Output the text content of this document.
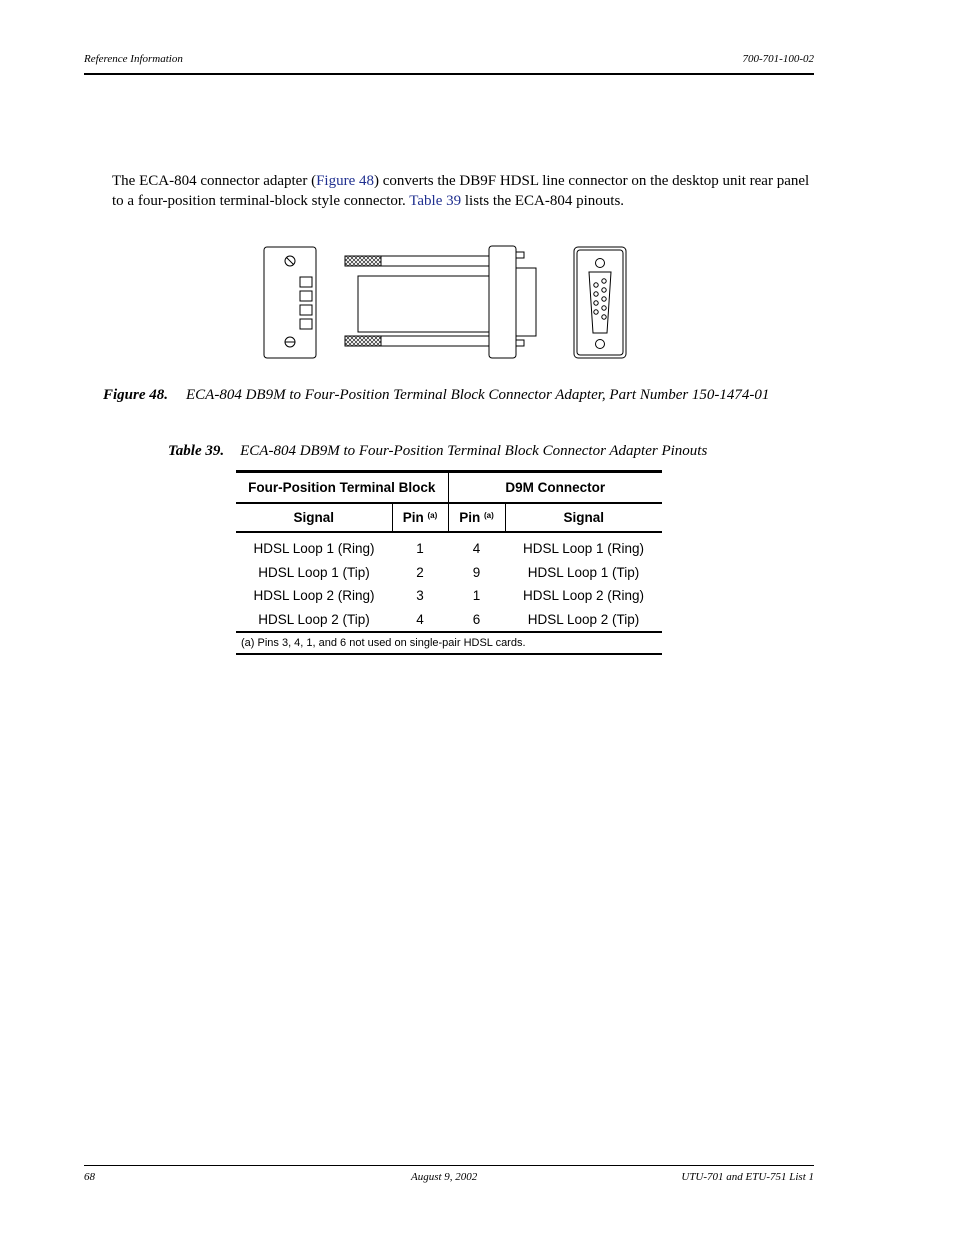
Reference Information	700-701-100-02

The ECA-804 connector adapter (Figure 48) converts the DB9F HDSL line connector on the desktop unit rear panel to a four-position terminal-block style connector. Table 39 lists the ECA-804 pinouts.

Figure 48. ECA-804 DB9M to Four-Position Terminal Block Connector Adapter, Part Number 150-1474-01
Table 39. ECA-804 DB9M to Four-Position Terminal Block Connector Adapter Pinouts
Four-Position Terminal Block		D9M Connector	
Signal	Pin $^{(a)}$	Pin $^{(a)}$	Signal
HDSL Loop 1 (Ring)	1	4	HDSL Loop 1 (Ring)
HDSL Loop 1 (Tip)	2	9	HDSL Loop 1 (Tip)
HDSL Loop 2 (Ring)	3	1	HDSL Loop 2 (Ring)
HDSL Loop 2 (Tip)	4	6	HDSL Loop 2 (Tip)
(a) Pins 3, 4, 1, and 6 not used on single-pair HDSL cards.			
68	August 9, 2002	UTU-701 and ETU-751 List 1
